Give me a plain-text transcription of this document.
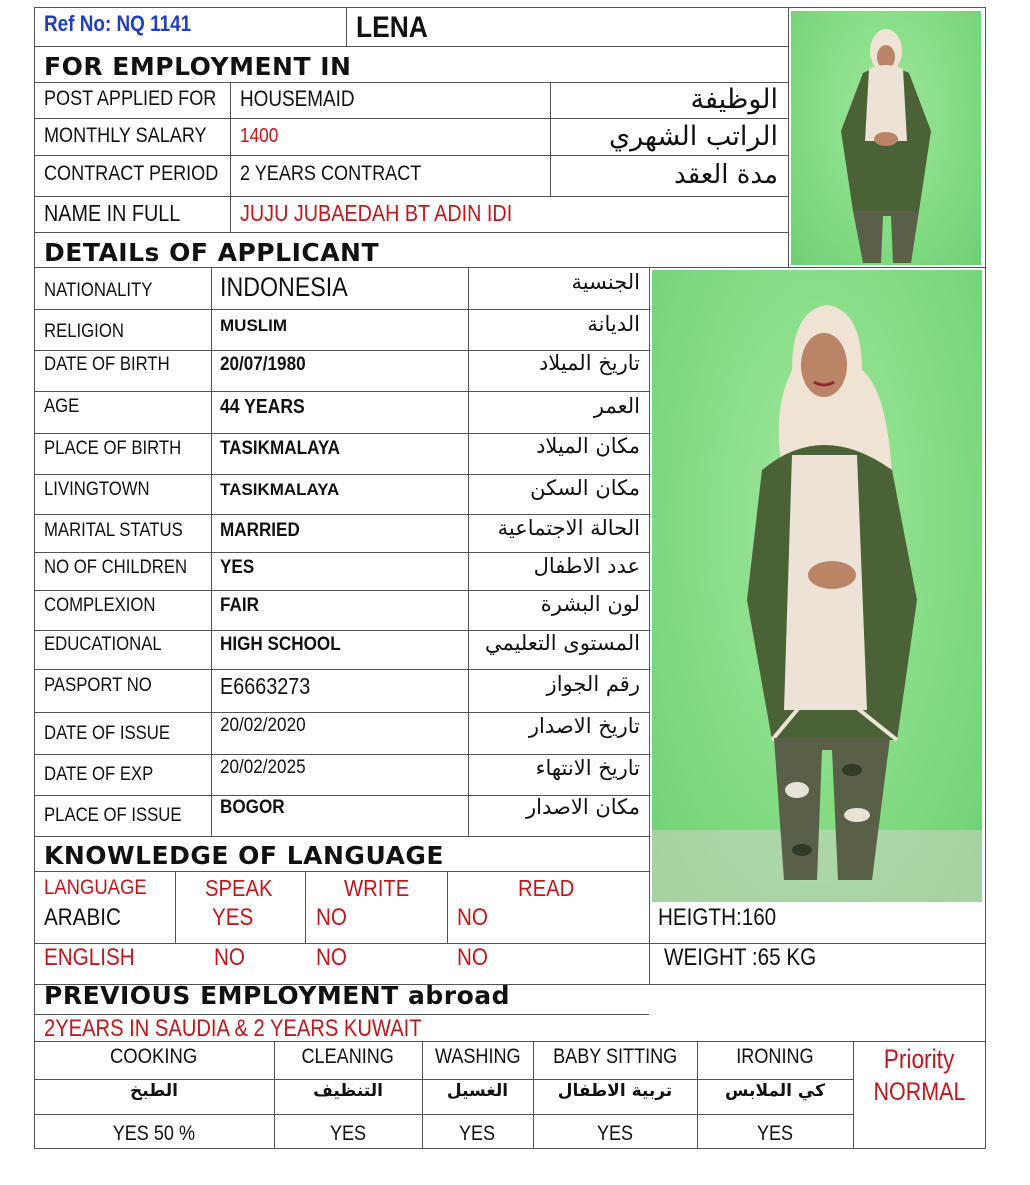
Ref No: NQ 1141	LENA
FOR EMPLOYMENT IN
POST APPLIED FOR HOUSEMAID	الوظيفة
MONTHLY SALARY 1400	الراتب الشهري
CONTRACT PERIOD 2 YEARS CONTRACT	مدة العقد
NAME IN FULL	JUJU JUBAEDAH BT ADIN IDI
DETAILs OF APPLICANT
NATIONALITY	INDONESIA	الجنسية
RELIGION	MUSLIM	الديانة
DATE OF BIRTH	20/07/1980	تاريخ الميلاد
AGE	44 YEARS	العمر
PLACE OF BIRTH TASIKMALAYA	مكان الميلاد
LIVINGTOWN	TASIKMALAYA	مكان السكن
MARITAL STATUS MARRIED	الحالة الاجتماعية
NO OF CHILDREN YES	عدد الاطفال
COMPLEXION	FAIR	لون البشرة
EDUCATIONAL	HIGH SCHOOL	المستوى التعليمي
PASPORT NO	E6663273	رقم الجواز
DATE OF ISSUE	20/02/2020	تاريخ الاصدار
DATE OF EXP	20/02/2025	تاريخ الانتهاء
PLACE OF ISSUE BOGOR	مكان الاصدار
KNOWLEDGE OF LANGUAGE
LANGUAGE	SPEAK	WRITE	READ
ARABIC	YES	NO	NO
ENGLISH	NO	NO	NO
HEIGTH:160
WEIGHT :65 KG
PREVIOUS EMPLOYMENT abroad
2YEARS IN SAUDIA & 2 YEARS KUWAIT
COOKING	CLEANING	WASHING	BABY SITTING	IRONING
الطبخ	التنظيف	الغسيل	تربية الاطفال	كي الملابس
YES 50 %	YES	YES	YES	YES
Priority
NORMAL
